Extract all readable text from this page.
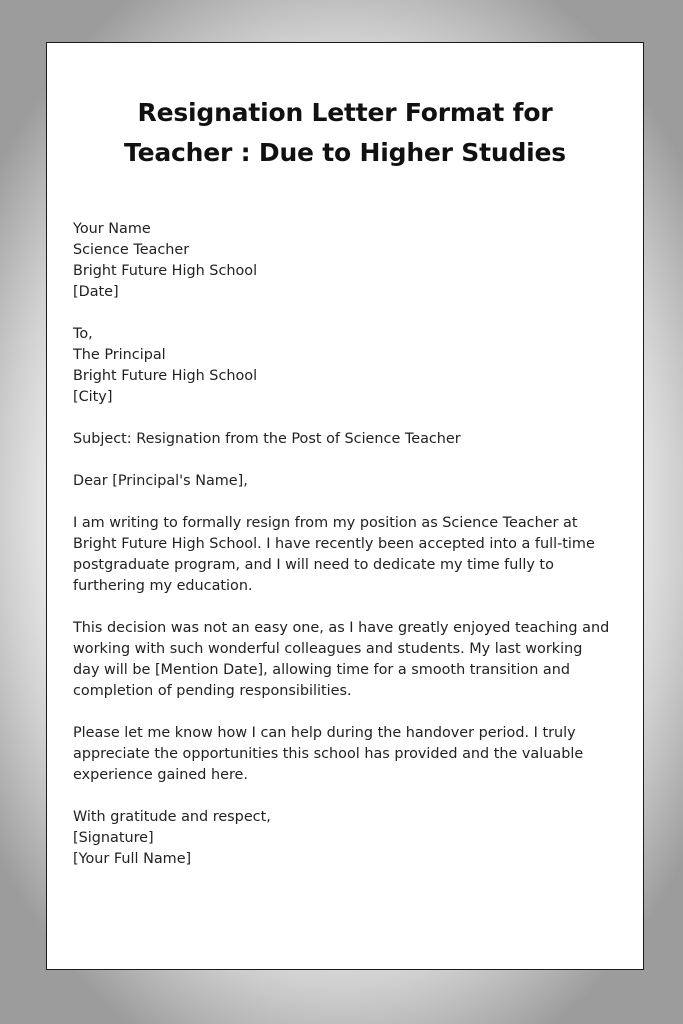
Resignation Letter Format for
Teacher : Due to Higher Studies
Your Name
Science Teacher
Bright Future High School
[Date]
To,
The Principal
Bright Future High School
[City]
Subject: Resignation from the Post of Science Teacher
Dear [Principal's Name],
I am writing to formally resign from my position as Science Teacher at
Bright Future High School. I have recently been accepted into a full-time
postgraduate program, and I will need to dedicate my time fully to
furthering my education.
This decision was not an easy one, as I have greatly enjoyed teaching and
working with such wonderful colleagues and students. My last working
day will be [Mention Date], allowing time for a smooth transition and
completion of pending responsibilities.
Please let me know how I can help during the handover period. I truly
appreciate the opportunities this school has provided and the valuable
experience gained here.
With gratitude and respect,
[Signature]
[Your Full Name]
